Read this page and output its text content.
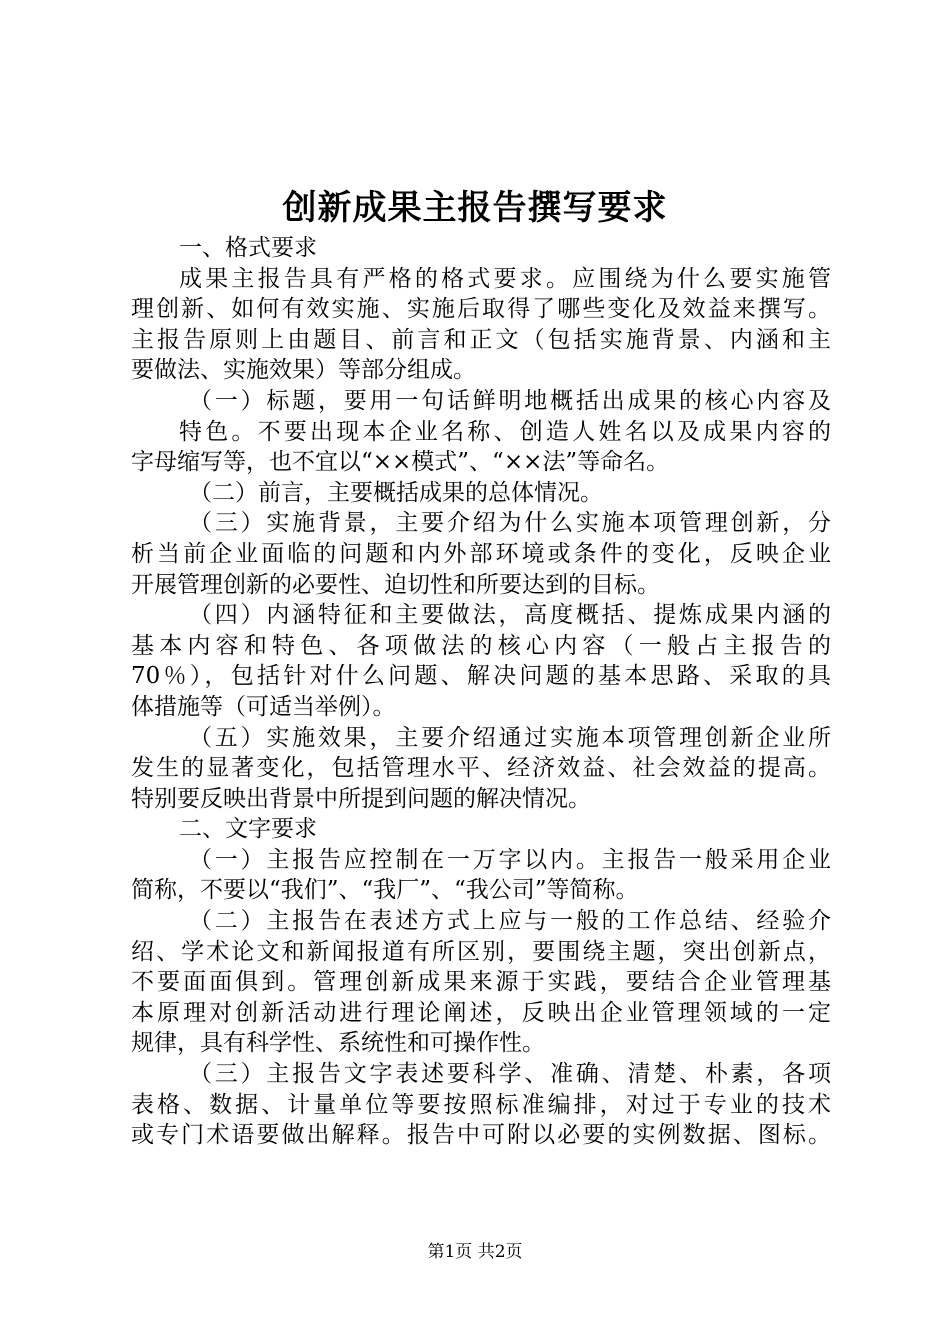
创新成果主报告撰写要求
一、格式要求
成果主报告具有严格的格式要求。应围绕为什么要实施管
理创新、如何有效实施、实施后取得了哪些变化及效益来撰写。
主报告原则上由题目、前言和正文（包括实施背景、内涵和主
要做法、实施效果）等部分组成。
（一）标题，要用一句话鲜明地概括出成果的核心内容及
特色。不要出现本企业名称、创造人姓名以及成果内容的
字母缩写等，也不宜以“××模式”、“××法”等命名。
（二）前言，主要概括成果的总体情况。
（三）实施背景，主要介绍为什么实施本项管理创新，分
析当前企业面临的问题和内外部环境或条件的变化，反映企业
开展管理创新的必要性、迫切性和所要达到的目标。
（四）内涵特征和主要做法，高度概括、提炼成果内涵的
基本内容和特色、各项做法的核心内容（一般占主报告的
70％），包括针对什么问题、解决问题的基本思路、采取的具
体措施等（可适当举例）。
（五）实施效果，主要介绍通过实施本项管理创新企业所
发生的显著变化，包括管理水平、经济效益、社会效益的提高。
特别要反映出背景中所提到问题的解决情况。
二、文字要求
（一）主报告应控制在一万字以内。主报告一般采用企业
简称，不要以“我们”、“我厂”、“我公司”等简称。
（二）主报告在表述方式上应与一般的工作总结、经验介
绍、学术论文和新闻报道有所区别，要围绕主题，突出创新点，
不要面面俱到。管理创新成果来源于实践，要结合企业管理基
本原理对创新活动进行理论阐述，反映出企业管理领域的一定
规律，具有科学性、系统性和可操作性。
（三）主报告文字表述要科学、准确、清楚、朴素，各项
表格、数据、计量单位等要按照标准编排，对过于专业的技术
或专门术语要做出解释。报告中可附以必要的实例数据、图标。
第1页 共2页
